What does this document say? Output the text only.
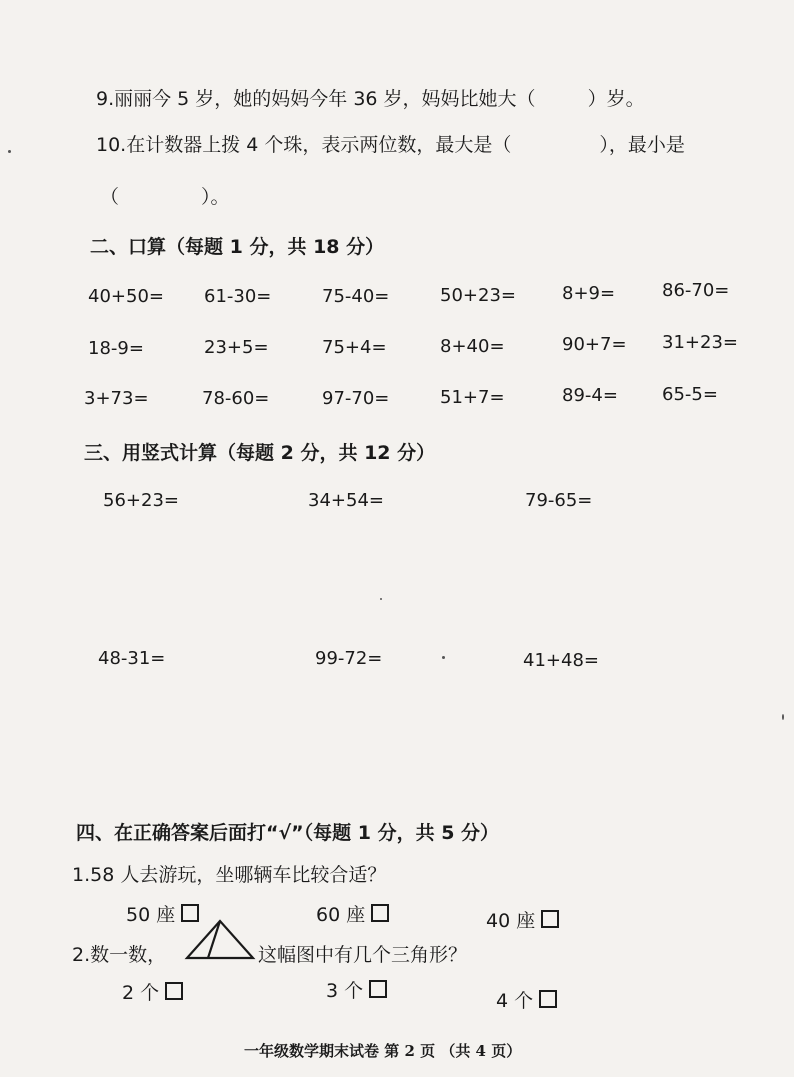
9.丽丽今 5 岁，她的妈妈今年 36 岁，妈妈比她大（	）岁。
10.在计数器上拨 4 个珠，表示两位数，最大是（	），最小是
（	）。
二、口算（每题 1 分，共 18 分）
40+50= 61-30=	75-40=	50+23=	8+9=	86-70=
18-9=	23+5=	75+4=	8+40=	90+7= 31+23=
3+73=	78-60=	97-70=	51+7=	89-4= 65-5=
三、用竖式计算（每题 2 分，共 12 分）
56+23=	34+54=	79-65=
48-31=	99-72=	41+48=
四、在正确答案后面打“√”（每题 1 分，共 5 分）
1.58 人去游玩，坐哪辆车比较合适？
50 座	60 座	40 座
2.数一数，	这幅图中有几个三角形？
2 个	3 个	4 个
一年级数学期末试卷 第 2 页 （共 4 页）
